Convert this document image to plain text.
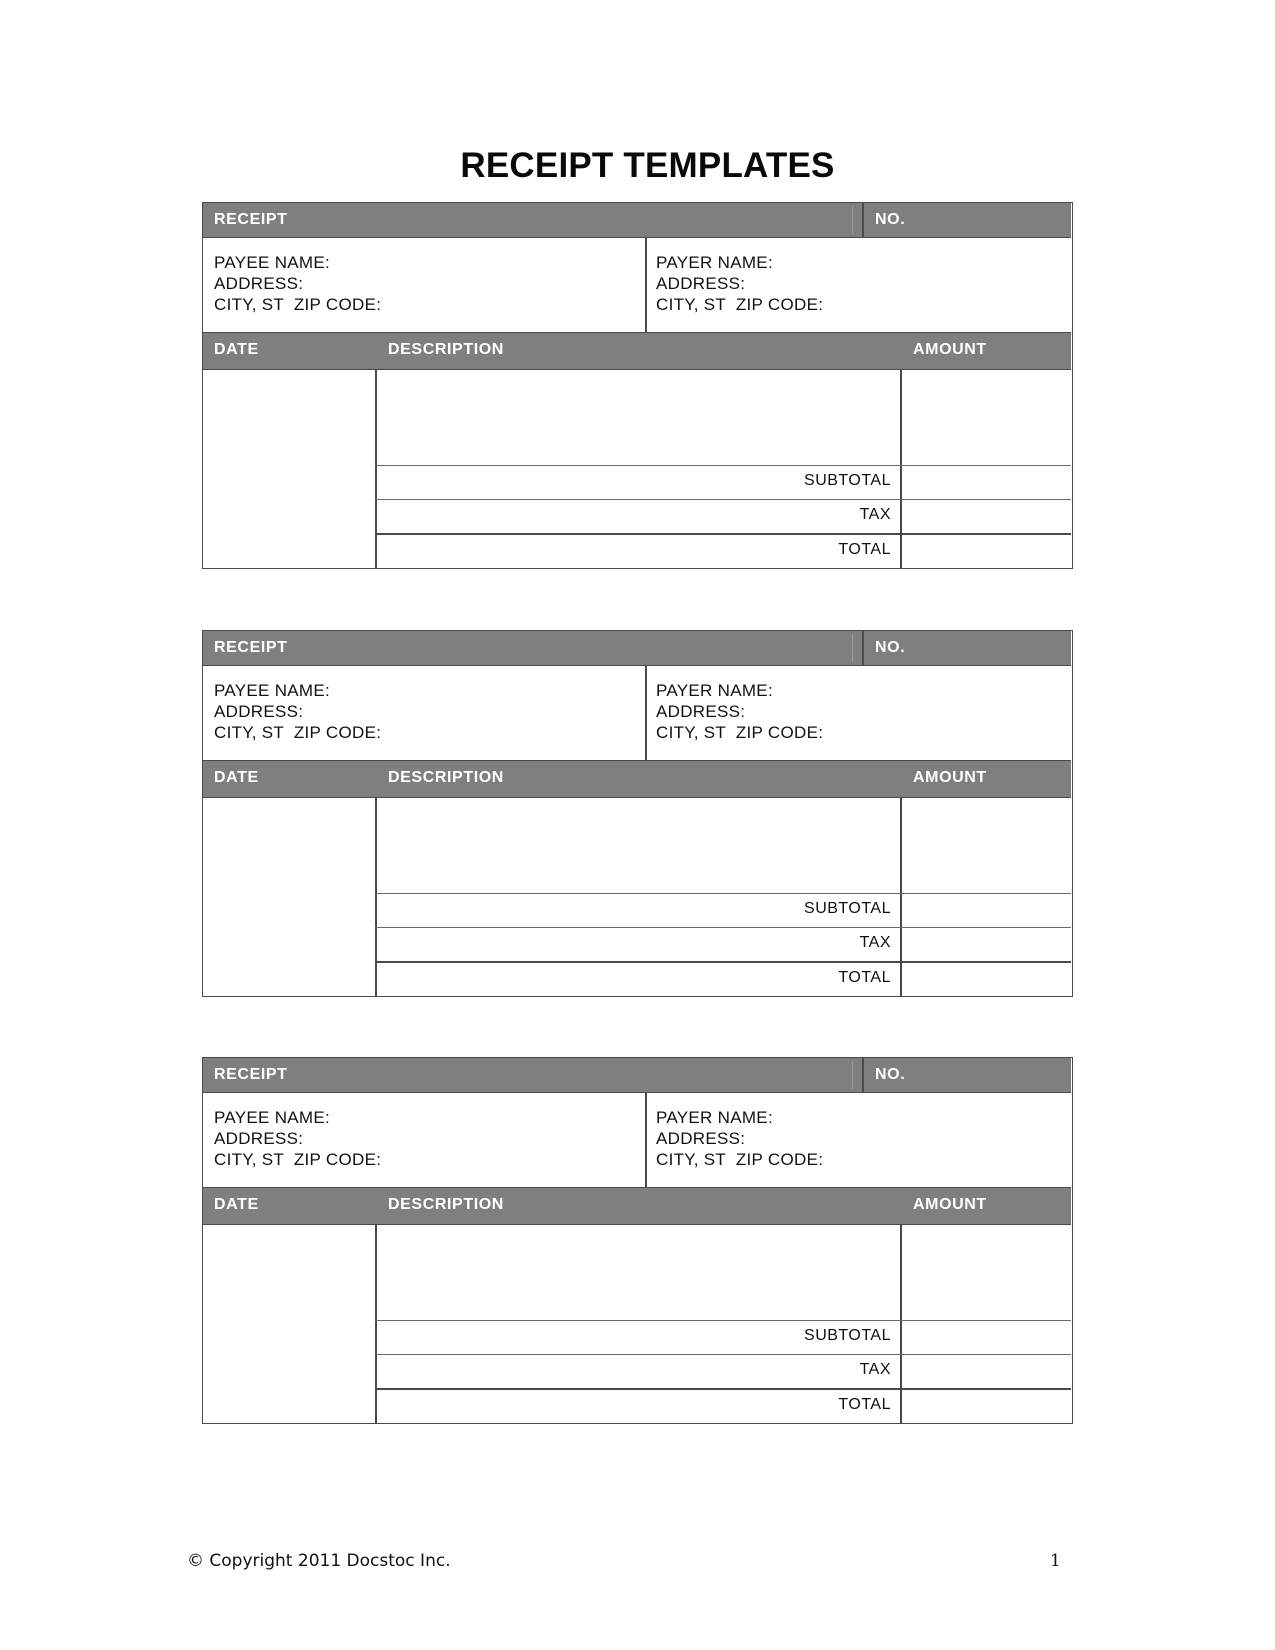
RECEIPT TEMPLATES
RECEIPT	NO.
PAYEE NAME:
ADDRESS:
CITY, ST  ZIP CODE:
PAYER NAME:
ADDRESS:
CITY, ST  ZIP CODE:
DATE	DESCRIPTION	AMOUNT
SUBTOTAL
TAX
TOTAL
RECEIPT	NO.
PAYEE NAME:
ADDRESS:
CITY, ST  ZIP CODE:
PAYER NAME:
ADDRESS:
CITY, ST  ZIP CODE:
DATE	DESCRIPTION	AMOUNT
SUBTOTAL
TAX
TOTAL
RECEIPT	NO.
PAYEE NAME:
ADDRESS:
CITY, ST  ZIP CODE:
PAYER NAME:
ADDRESS:
CITY, ST  ZIP CODE:
DATE	DESCRIPTION	AMOUNT
SUBTOTAL
TAX
TOTAL
© Copyright 2011 Docstoc Inc.	1
